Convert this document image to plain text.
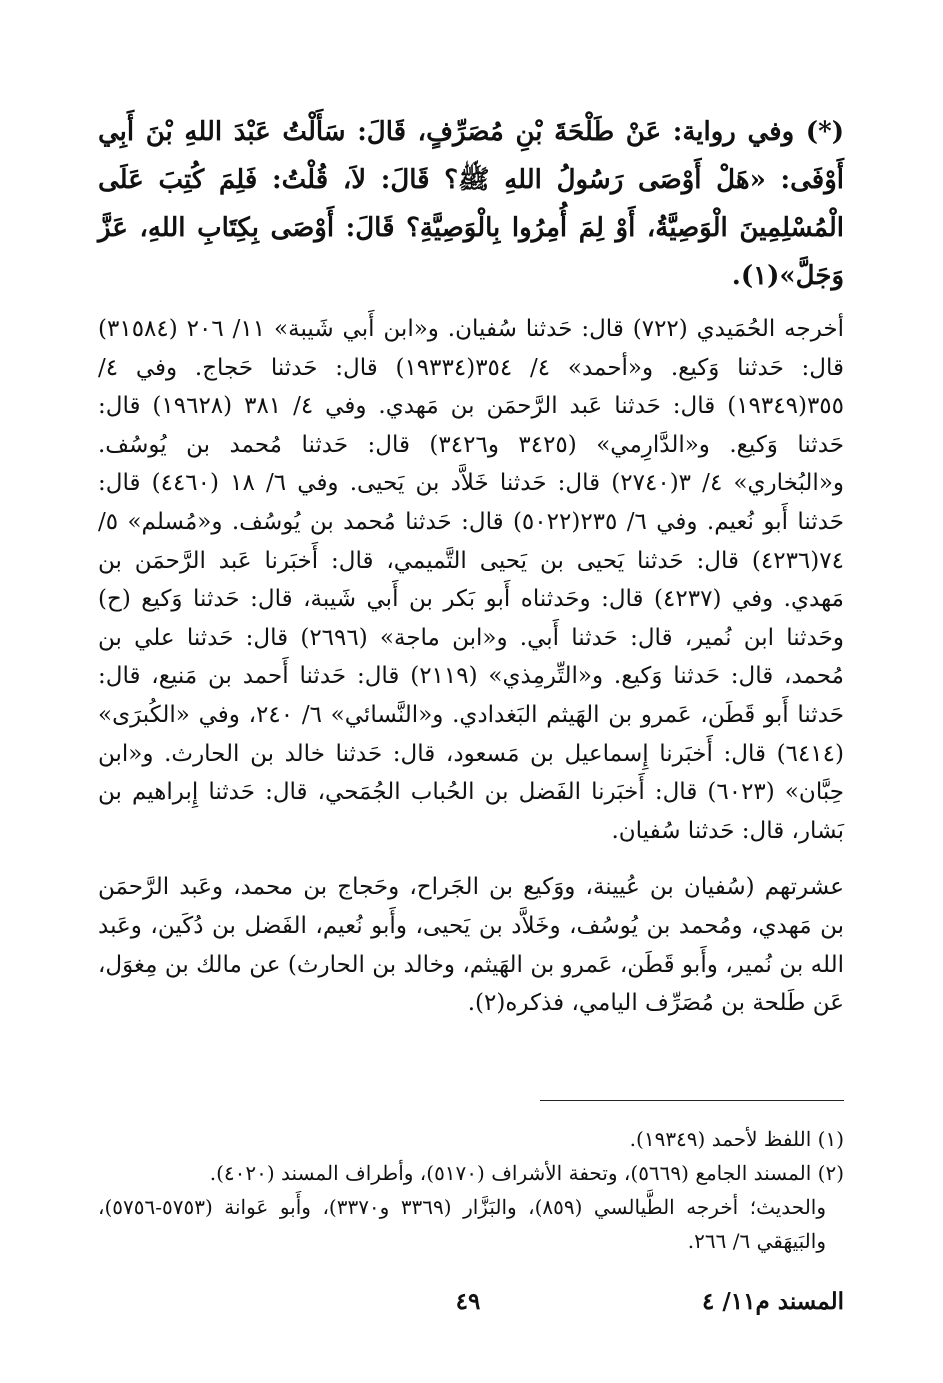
(*) وفي رواية: عَنْ طَلْحَةَ بْنِ مُصَرِّفٍ، قَالَ: سَأَلْتُ عَبْدَ اللهِ بْنَ أَبِي أَوْفَى: «هَلْ أَوْصَى رَسُولُ اللهِ ﷺ؟ قَالَ: لاَ، قُلْتُ: فَلِمَ كُتِبَ عَلَى الْمُسْلِمِينَ الْوَصِيَّةُ، أَوْ لِمَ أُمِرُوا بِالْوَصِيَّةِ؟ قَالَ: أَوْصَى بِكِتَابِ اللهِ، عَزَّ وَجَلَّ»(١).

أخرجه الحُمَيدي (٧٢٢) قال: حَدثنا سُفيان. و«ابن أَبي شَيبة» ١١/ ٢٠٦ (٣١٥٨٤) قال: حَدثنا وَكيع. و«أحمد» ٤/ ٣٥٤(١٩٣٣٤) قال: حَدثنا حَجاج. وفي ٤/ ٣٥٥(١٩٣٤٩) قال: حَدثنا عَبد الرَّحمَن بن مَهدي. وفي ٤/ ٣٨١ (١٩٦٢٨) قال: حَدثنا وَكيع. و«الدَّارِمي» (٣٤٢٥ و٣٤٢٦) قال: حَدثنا مُحمد بن يُوسُف. و«البُخاري» ٤/ ٣(٢٧٤٠) قال: حَدثنا خَلاَّد بن يَحيى. وفي ٦/ ١٨ (٤٤٦٠) قال: حَدثنا أَبو نُعيم. وفي ٦/ ٢٣٥(٥٠٢٢) قال: حَدثنا مُحمد بن يُوسُف. و«مُسلم» ٥/ ٧٤(٤٢٣٦) قال: حَدثنا يَحيى بن يَحيى التَّميمي، قال: أَخبَرنا عَبد الرَّحمَن بن مَهدي. وفي (٤٢٣٧) قال: وحَدثناه أَبو بَكر بن أَبي شَيبة، قال: حَدثنا وَكيع (ح) وحَدثنا ابن نُمير، قال: حَدثنا أَبي. و«ابن ماجة» (٢٦٩٦) قال: حَدثنا علي بن مُحمد، قال: حَدثنا وَكيع. و«التِّرمِذي» (٢١١٩) قال: حَدثنا أَحمد بن مَنيع، قال: حَدثنا أَبو قَطَن، عَمرو بن الهَيثم البَغدادي. و«النَّسائي» ٦/ ٢٤٠، وفي «الكُبرَى» (٦٤١٤) قال: أَخبَرنا إِسماعيل بن مَسعود، قال: حَدثنا خالد بن الحارث. و«ابن حِبَّان» (٦٠٢٣) قال: أَخبَرنا الفَضل بن الحُباب الجُمَحي، قال: حَدثنا إِبراهيم بن بَشار، قال: حَدثنا سُفيان.

عشرتهم (سُفيان بن عُيينة، ووَكيع بن الجَراح، وحَجاج بن محمد، وعَبد الرَّحمَن بن مَهدي، ومُحمد بن يُوسُف، وخَلاَّد بن يَحيى، وأَبو نُعيم، الفَضل بن دُكَين، وعَبد الله بن نُمير، وأَبو قَطَن، عَمرو بن الهَيثم، وخالد بن الحارث) عن مالك بن مِغوَل، عَن طَلحة بن مُصَرِّف اليامي، فذكره(٢).

(١) اللفظ لأحمد (١٩٣٤٩).

(٢) المسند الجامع (٥٦٦٩)، وتحفة الأشراف (٥١٧٠)، وأطراف المسند (٤٠٢٠).

والحديث؛ أخرجه الطَّيالسي (٨٥٩)، والبَزَّار (٣٣٦٩ و٣٣٧٠)، وأَبو عَوانة (٥٧٥٣-٥٧٥٦)، والبَيهَقي ٦/ ٢٦٦.

المسند م١١/ ٤
٤٩
